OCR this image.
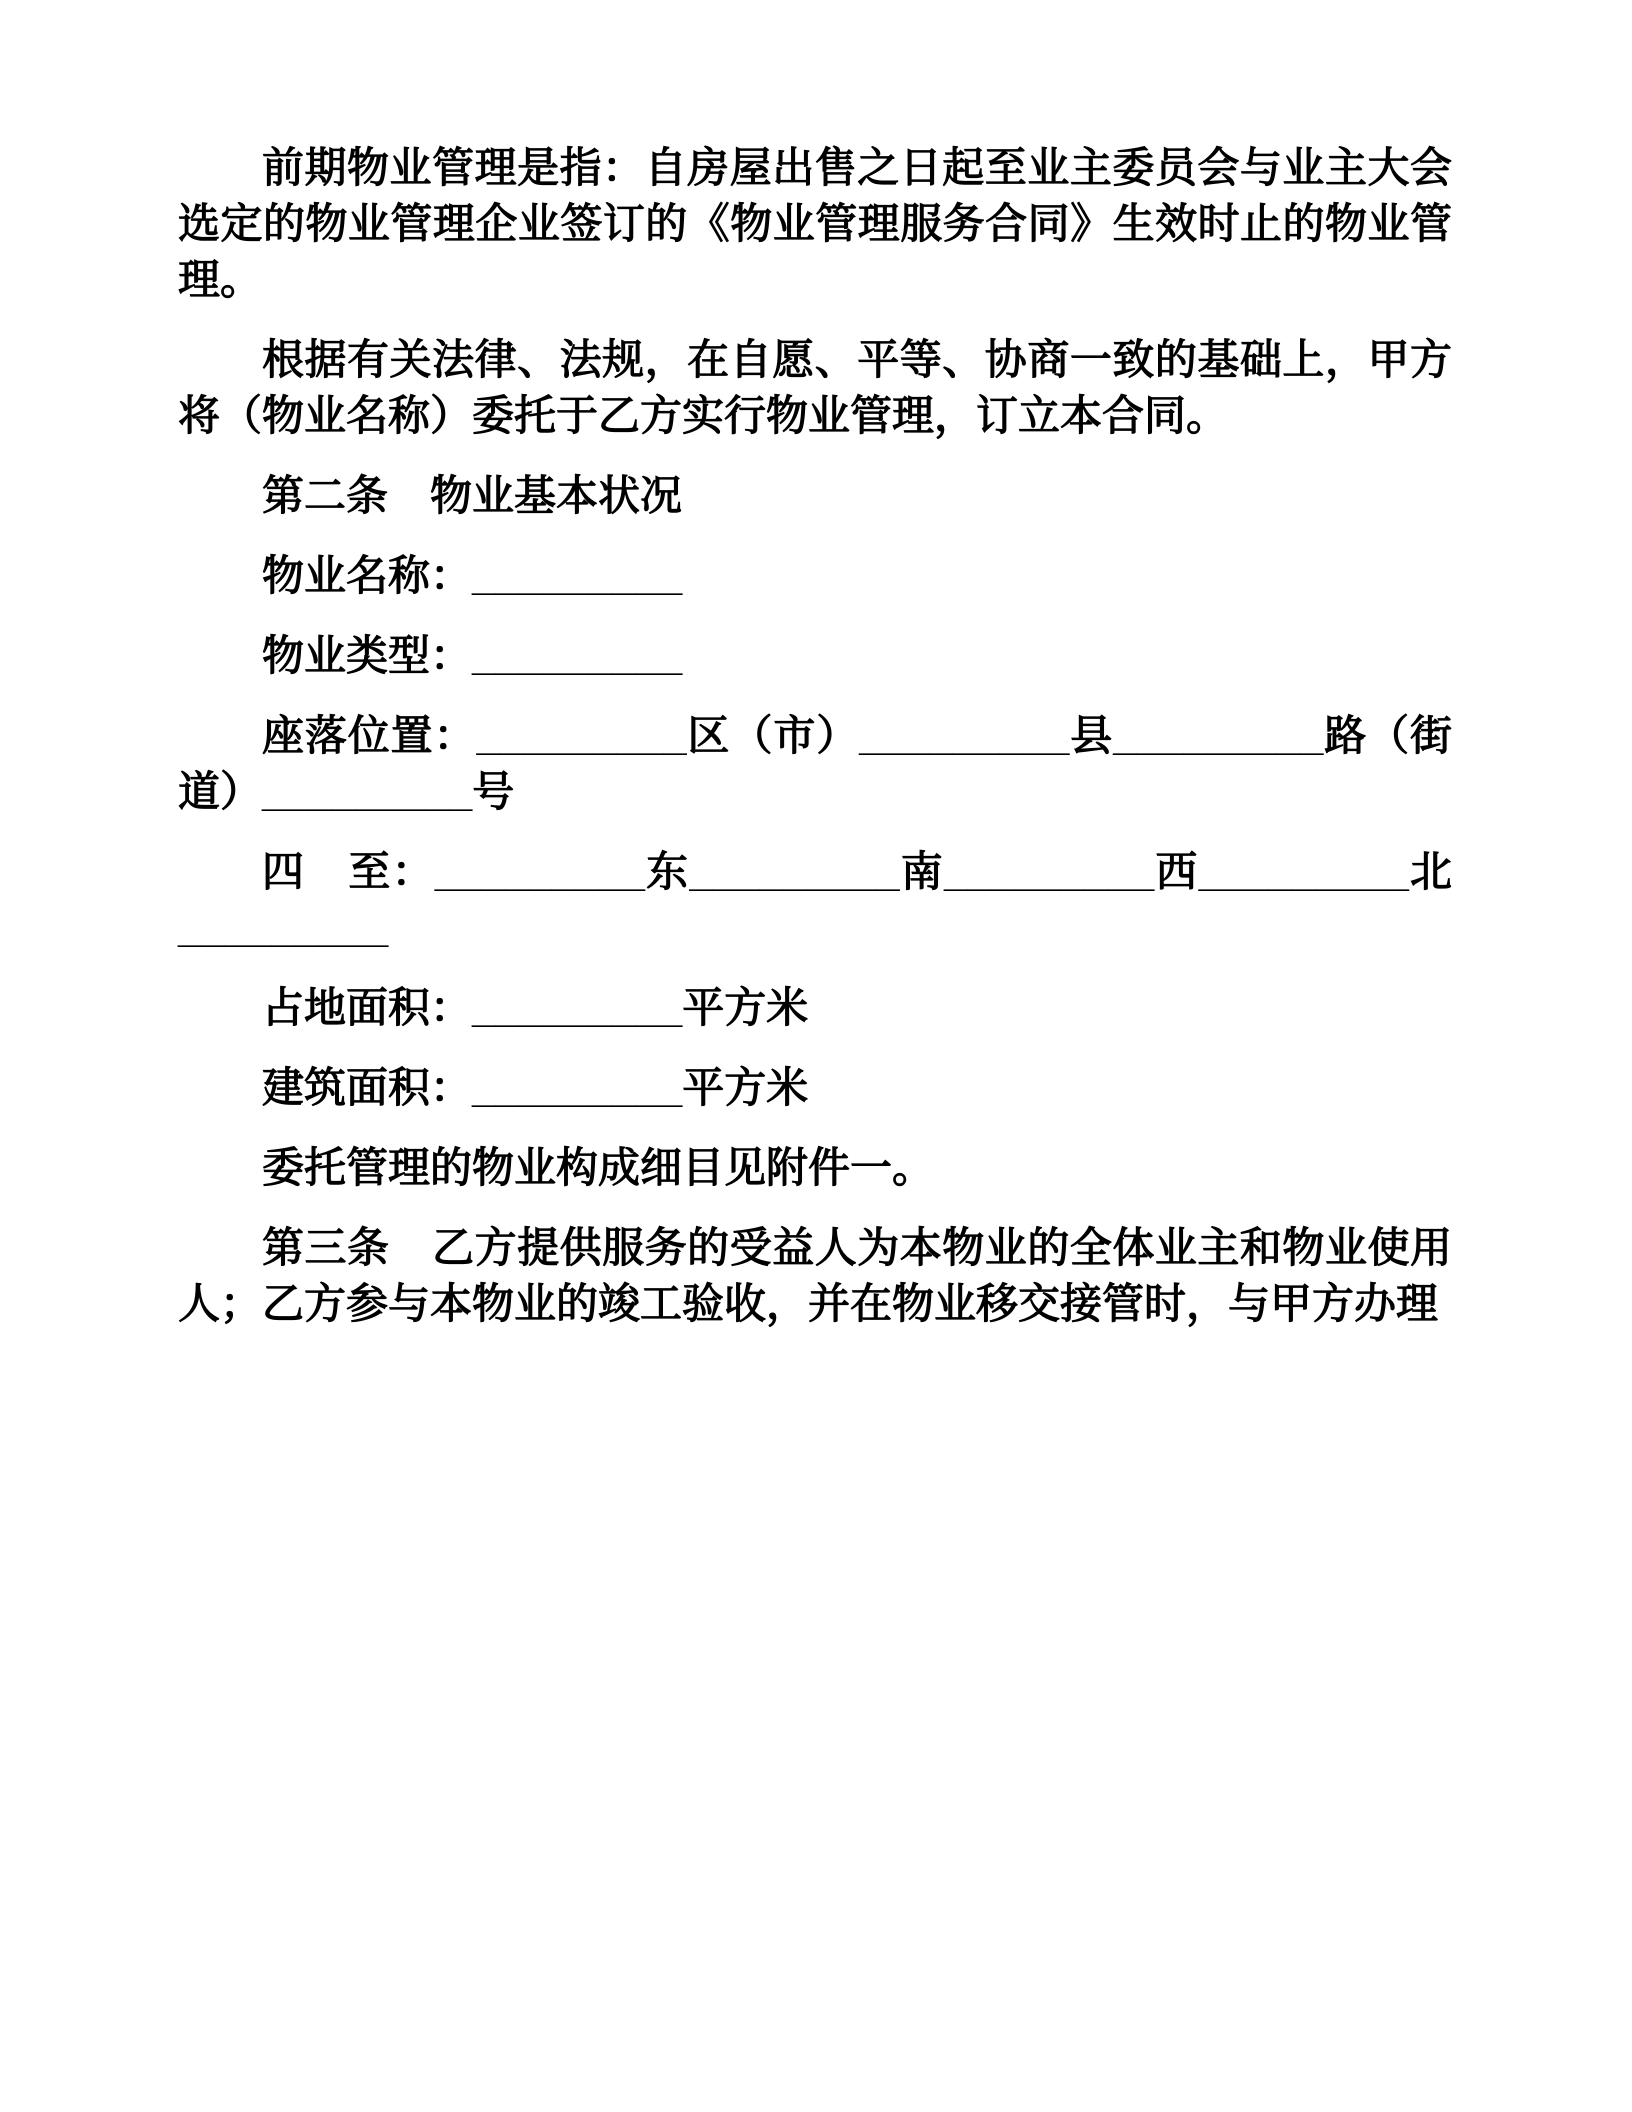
前期物业管理是指：自房屋出售之日起至业主委员会与业主大会选定的物业管理企业签订的《物业管理服务合同》生效时止的物业管理。

根据有关法律、法规，在自愿、平等、协商一致的基础上，甲方将（物业名称）委托于乙方实行物业管理，订立本合同。

第二条　物业基本状况

物业名称：_________

物业类型：_________

座落位置：_________区（市）_________县_________路（街道）_________号

四　至：_________东_________南_________西_________北_________

占地面积：_________平方米

建筑面积：_________平方米

委托管理的物业构成细目见附件一。

第三条　乙方提供服务的受益人为本物业的全体业主和物业使用人；乙方参与本物业的竣工验收，并在物业移交接管时，与甲方办理
